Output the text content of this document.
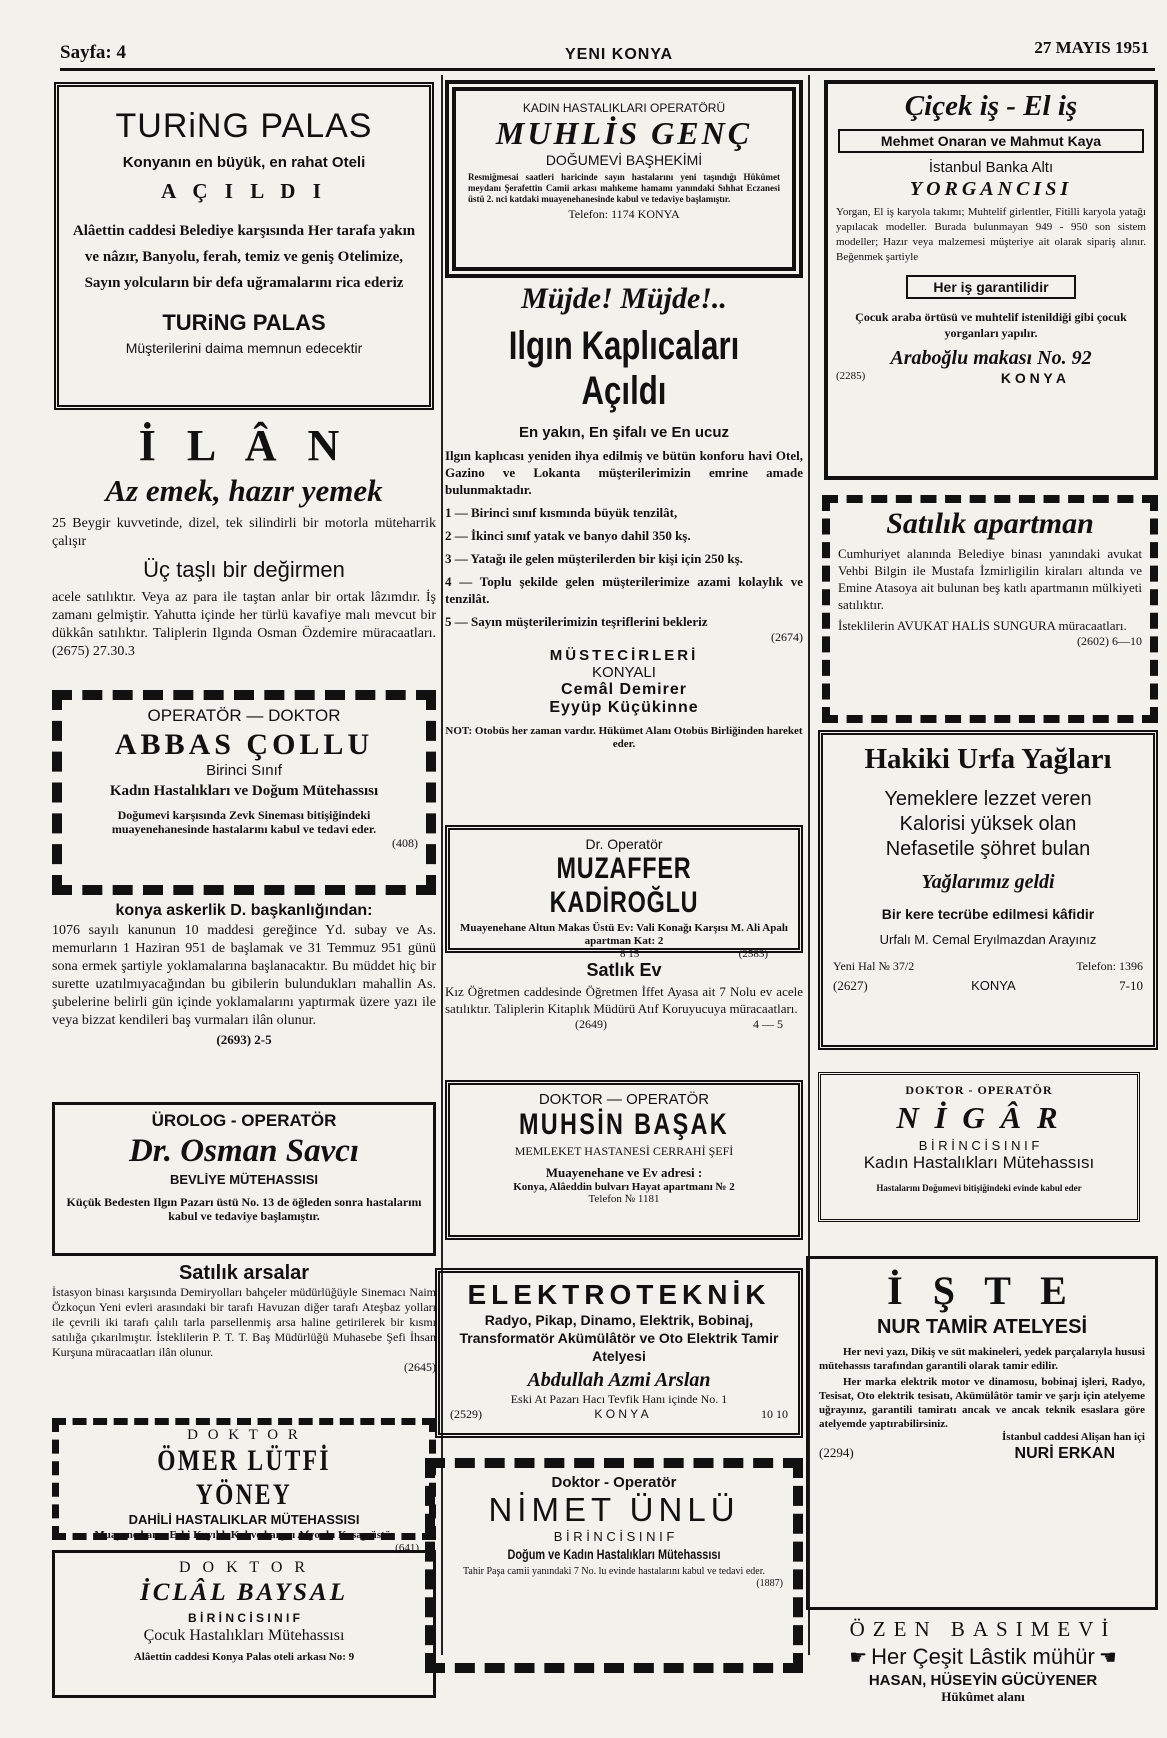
Sayfa: 4	YENI KONYA	27 MAYIS 1951
TURiNG PALAS
Konyanın en büyük, en rahat Oteli
A Ç I L D I
Alâettin caddesi Belediye karşısında Her tarafa yakın ve nâzır, Banyolu, ferah, temiz ve geniş Otelimize, Sayın yolcuların bir defa uğramalarını rica ederiz
TURiNG PALAS
Müşterilerini daima memnun edecektir
İ L Â N
Az emek, hazır yemek
25 Beygir kuvvetinde, dizel, tek silindirli bir motorla müteharrik çalışır
Üç taşlı bir değirmen
acele satılıktır. Veya az para ile taştan anlar bir ortak lâzımdır. İş zamanı gelmiştir. Yahutta içinde her türlü kavafiye malı mevcut bir dükkân satılıktır. Taliplerin Ilgında Osman Özdemire müracaatları. (2675) 27.30.3
OPERATÖR — DOKTOR
ABBAS ÇOLLU
Birinci Sınıf
Kadın Hastalıkları ve Doğum Mütehassısı
Doğumevi karşısında Zevk Sineması bitişiğindeki muayenehanesinde hastalarını kabul ve tedavi eder.
(408)
konya askerlik D. başkanlığından:
1076 sayılı kanunun 10 maddesi gereğince Yd. subay ve As. memurların 1 Haziran 951 de başlamak ve 31 Temmuz 951 günü sona ermek şartiyle yoklamalarına başlanacaktır. Bu müddet hiç bir surette uzatılmıyacağından bu gibilerin bulundukları mahallin As. şubelerine belirli gün içinde yoklamalarını yaptırmak üzere yazı ile veya bizzat kendileri baş vurmaları ilân olunur.
(2693) 2-5
ÜROLOG - OPERATÖR
Dr. Osman Savcı
BEVLİYE MÜTEHASSISI
Küçük Bedesten Ilgın Pazarı üstü No. 13 de öğleden sonra hastalarını kabul ve tedaviye başlamıştır.
Satılık arsalar
İstasyon binası karşısında Demiryolları bahçeler müdürlüğüyle Sinemacı Naim Özkoçun Yeni evleri arasındaki bir tarafı Havuzan diğer tarafı Ateşbaz yolları ile çevrili iki tarafı çalılı tarla parsellenmiş arsa haline getirilerek bir kısmı satılığa çıkarılmıştır. İsteklilerin P. T. T. Baş Müdürlüğü Muhasebe Şefi İhsan Kurşuna müracaatları ilân olunur.
(2645)
D O K T O R
ÖMER LÜTFİ YÖNEY
DAHİLİ HASTALIKLAR MÜTEHASSISI
Muayene hane: Eski Kayıklı Kahve karşısı Afyonlu Kasap üstü.
(641)
D O K T O R
İCLÂL BAYSAL
B İ R İ N C İ S I N I F
Çocuk Hastalıkları Mütehassısı
Alâettin caddesi Konya Palas oteli arkası No: 9
KADIN HASTALIKLARI OPERATÖRÜ
MUHLİS GENÇ
DOĞUMEVİ BAŞHEKİMİ
Resmiğmesai saatleri haricinde sayın hastalarını yeni taşındığı Hükümet meydanı Şerafettin Camii arkası mahkeme hamamı yanındaki Sıhhat Eczanesi üstü 2. nci katdaki muayenehanesinde kabul ve tedaviye başlamıştır.
Telefon: 1174 KONYA
Müjde! Müjde!..
Ilgın Kaplıcaları Açıldı
En yakın, En şifalı ve En ucuz
Ilgın kaplıcası yeniden ihya edilmiş ve bütün konforu havi Otel, Gazino ve Lokanta müşterilerimizin emrine amade bulunmaktadır.
1 — Birinci sınıf kısmında büyük tenzilât,
2 — İkinci sınıf yatak ve banyo dahil 350 kş.
3 — Yatağı ile gelen müşterilerden bir kişi için 250 kş.
4 — Toplu şekilde gelen müşterilerimize azami kolaylık ve tenzilât.
5 — Sayın müşterilerimizin teşriflerini bekleriz
(2674)
MÜSTECİRLERİ
KONYALI
Cemâl Demirer
Eyyüp Küçükinne
NOT: Otobüs her zaman vardır. Hükümet Alanı Otobüs Birliğinden hareket eder.
Dr. Operatör
MUZAFFER KADİROĞLU
Muayenehane Altun Makas Üstü Ev: Vali Konağı Karşısı M. Ali Apalı apartman Kat: 2
8 15	(2583)
Satlık Ev
Kız Öğretmen caddesinde Öğretmen İffet Ayasa ait 7 Nolu ev acele satılıktır. Taliplerin Kitaplık Müdürü Atıf Koruyucuya müracaatları.
(2649)	4 — 5
DOKTOR — OPERATÖR
MUHSİN BAŞAK
MEMLEKET HASTANESİ CERRAHİ ŞEFİ
Muayenehane ve Ev adresi :
Konya, Alâeddin bulvarı Hayat apartmanı № 2
Telefon № 1181
ELEKTROTEKNİK
Radyo, Pikap, Dinamo, Elektrik, Bobinaj, Transformatör Akümülâtör ve Oto Elektrik Tamir Atelyesi
Abdullah Azmi Arslan
Eski At Pazarı Hacı Tevfik Hanı içinde No. 1
(2529)	K O N Y A	10 10
Doktor - Operatör
NİMET ÜNLÜ
B İ R İ N C İ S I N I F
Doğum ve Kadın Hastalıkları Mütehassısı
Tahir Paşa camii yanındaki 7 No. lu evinde hastalarını kabul ve tedavi eder.
(1887)
Çiçek iş - El iş
Mehmet Onaran ve Mahmut Kaya
İstanbul Banka Altı
YORGANCISI
Yorgan, El iş karyola takımı; Muhtelif girlentler, Fitilli karyola yatağı yapılacak modeller. Burada bulunmayan 949 - 950 son sistem modeller; Hazır veya malzemesi müşteriye ait olarak sipariş alınır. Beğenmek şartiyle
Her iş garantilidir
Çocuk araba örtüsü ve muhtelif istenildiği gibi çocuk yorganları yapılır.
Araboğlu makası No. 92
(2285)	K O N Y A
Satılık apartman
Cumhuriyet alanında Belediye binası yanındaki avukat Vehbi Bilgin ile Mustafa İzmirligilin kiraları altında ve Emine Atasoya ait bulunan beş katlı apartmanın mülkiyeti satılıktır.
İsteklilerin AVUKAT HALİS SUNGURA müracaatları.
(2602) 6—10
Hakiki Urfa Yağları
Yemeklere lezzet veren
Kalorisi yüksek olan
Nefasetile şöhret bulan
Yağlarımız geldi
Bir kere tecrübe edilmesi kâfidir
Urfalı M. Cemal Eryılmazdan Arayınız
Yeni Hal № 37/2	Telefon: 1396
(2627)	KONYA	7-10
DOKTOR - OPERATÖR
N İ G Â R
B İ R İ N C İ S I N I F
Kadın Hastalıkları Mütehassısı
Hastalarını Doğumevi bitişiğindeki evinde kabul eder
İ Ş T E
NUR TAMİR ATELYESİ
Her nevi yazı, Dikiş ve süt makineleri, yedek parçalarıyla hususi mütehassıs tarafından garantili olarak tamir edilir.
Her marka elektrik motor ve dinamosu, bobinaj işleri, Radyo, Tesisat, Oto elektrik tesisatı, Akümülâtör tamir ve şarjı için atelyeme uğrayınız, garantili tamiratı ancak ve ancak teknik esaslara göre atelyemde yaptırabilirsiniz.
İstanbul caddesi Alişan han içi
(2294)	NURİ ERKAN
ÖZEN BASIMEVİ
☛ Her Çeşit Lâstik mühür ☚
HASAN, HÜSEYİN GÜCÜYENER
Hükûmet alanı
